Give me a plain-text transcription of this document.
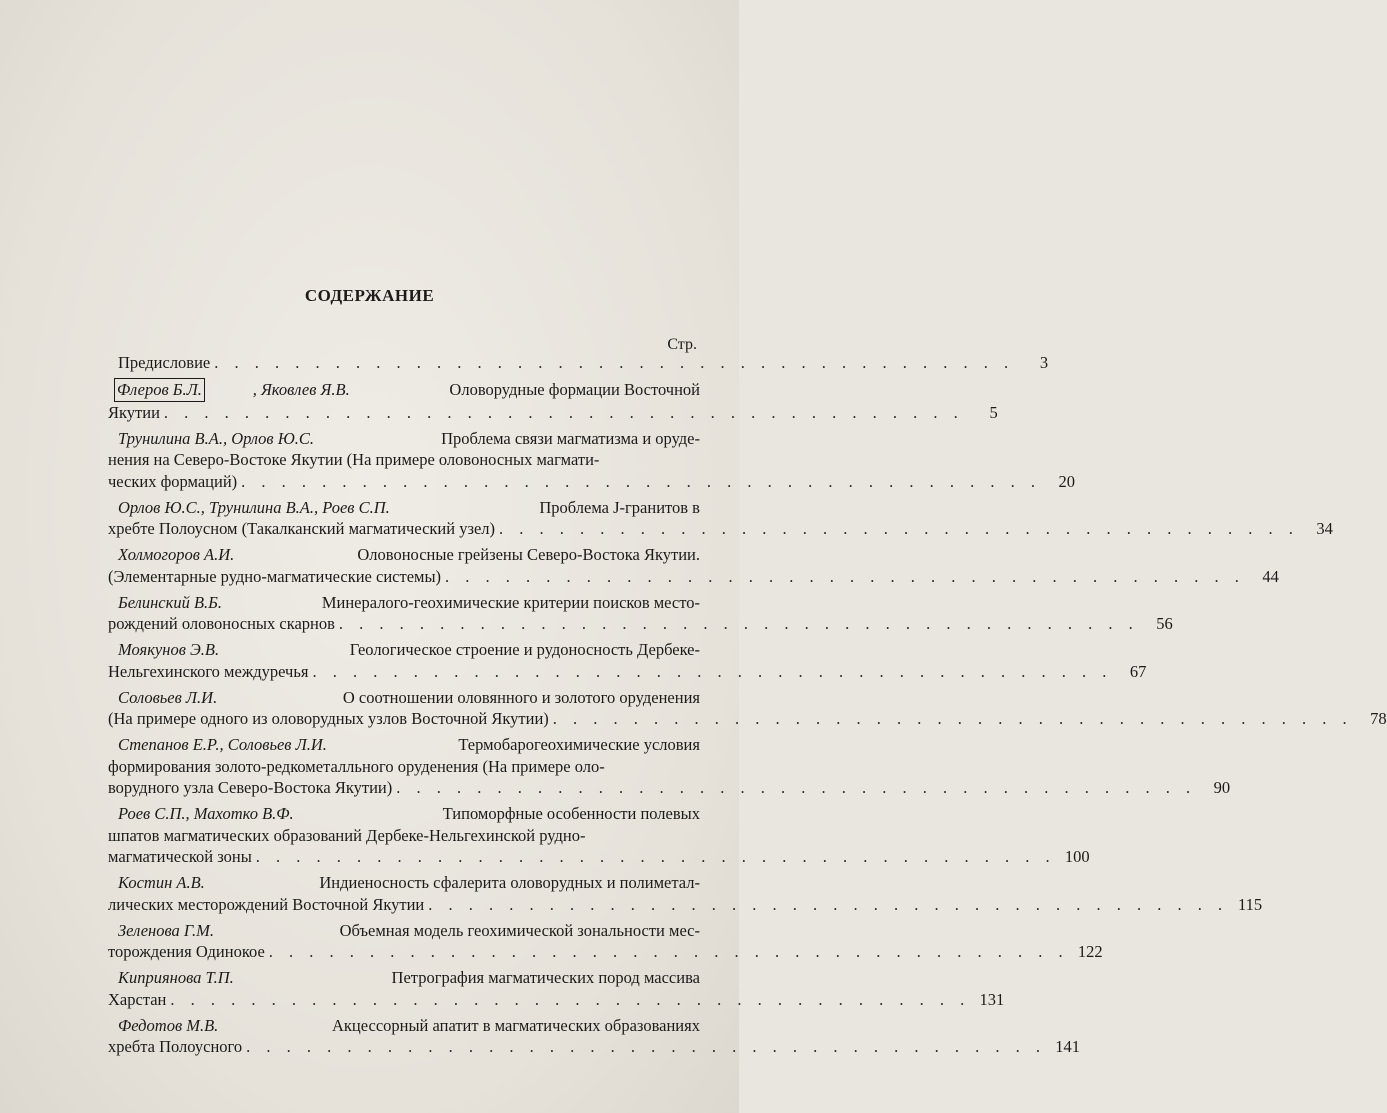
СОДЕРЖАНИЕ
Стр.
Предисловие . . . . . . . . . . . . . . . . . . . . . . . . . . . . . . . . . . . . . . . .	3
Флеров Б.Л.	, Яковлев Я.В.
	Оловорудные формации Восточной
Якутии . . . . . . . . . . . . . . . . . . . . . . . . . . . . . . . . . . . . . . . .	5
Трунилина В.А., Орлов Ю.С.
	Проблема связи магматизма и оруде-
нения на Северо-Востоке Якутии (На примере оловоносных магмати-
ческих формаций) . . . . . . . . . . . . . . . . . . . . . . . . . . . . . . . . . . . . . . . .	20
Орлов Ю.С., Трунилина В.А., Роев С.П.
	Проблема J-гранитов в
хребте Полоусном (Такалканский магматический узел) . . . . . . . . . . . . . . . . . . . . . . . . . . . . . . . . . . . . . . . .	34
Холмогоров А.И.
	Оловоносные грейзены Северо-Востока Якутии.
(Элементарные рудно-магматические системы) . . . . . . . . . . . . . . . . . . . . . . . . . . . . . . . . . . . . . . . .	44
Белинский В.Б.
	Минералого-геохимические критерии поисков место-
рождений оловоносных скарнов . . . . . . . . . . . . . . . . . . . . . . . . . . . . . . . . . . . . . . . .	56
Моякунов Э.В.
	Геологическое строение и рудоносность Дербеке-
Нельгехинского междуречья . . . . . . . . . . . . . . . . . . . . . . . . . . . . . . . . . . . . . . . .	67
Соловьев Л.И.
	О соотношении оловянного и золотого оруденения
(На примере одного из оловорудных узлов Восточной Якутии) . . . . . . . . . . . . . . . . . . . . . . . . . . . . . . . . . . . . . . . .	78
Степанов Е.Р., Соловьев Л.И.
	Термобарогеохимические условия
формирования золото-редкометалльного оруденения (На примере оло-
ворудного узла Северо-Востока Якутии) . . . . . . . . . . . . . . . . . . . . . . . . . . . . . . . . . . . . . . . .	90
Роев С.П., Махотко В.Ф.
	Типоморфные особенности полевых
шпатов магматических образований Дербеке-Нельгехинской рудно-
магматической зоны . . . . . . . . . . . . . . . . . . . . . . . . . . . . . . . . . . . . . . . . 100
Костин А.В.
	Индиеносность сфалерита оловорудных и полиметал-
лических месторождений Восточной Якутии . . . . . . . . . . . . . . . . . . . . . . . . . . . . . . . . . . . . . . . . 115
Зеленова Г.М.
	Объемная модель геохимической зональности мес-
торождения Одинокое . . . . . . . . . . . . . . . . . . . . . . . . . . . . . . . . . . . . . . . . 122
Киприянова Т.П.
	Петрография магматических пород массива
Харстан . . . . . . . . . . . . . . . . . . . . . . . . . . . . . . . . . . . . . . . . 131
Федотов М.В.
	Акцессорный апатит в магматических образованиях
хребта Полоусного . . . . . . . . . . . . . . . . . . . . . . . . . . . . . . . . . . . . . . . . 141
